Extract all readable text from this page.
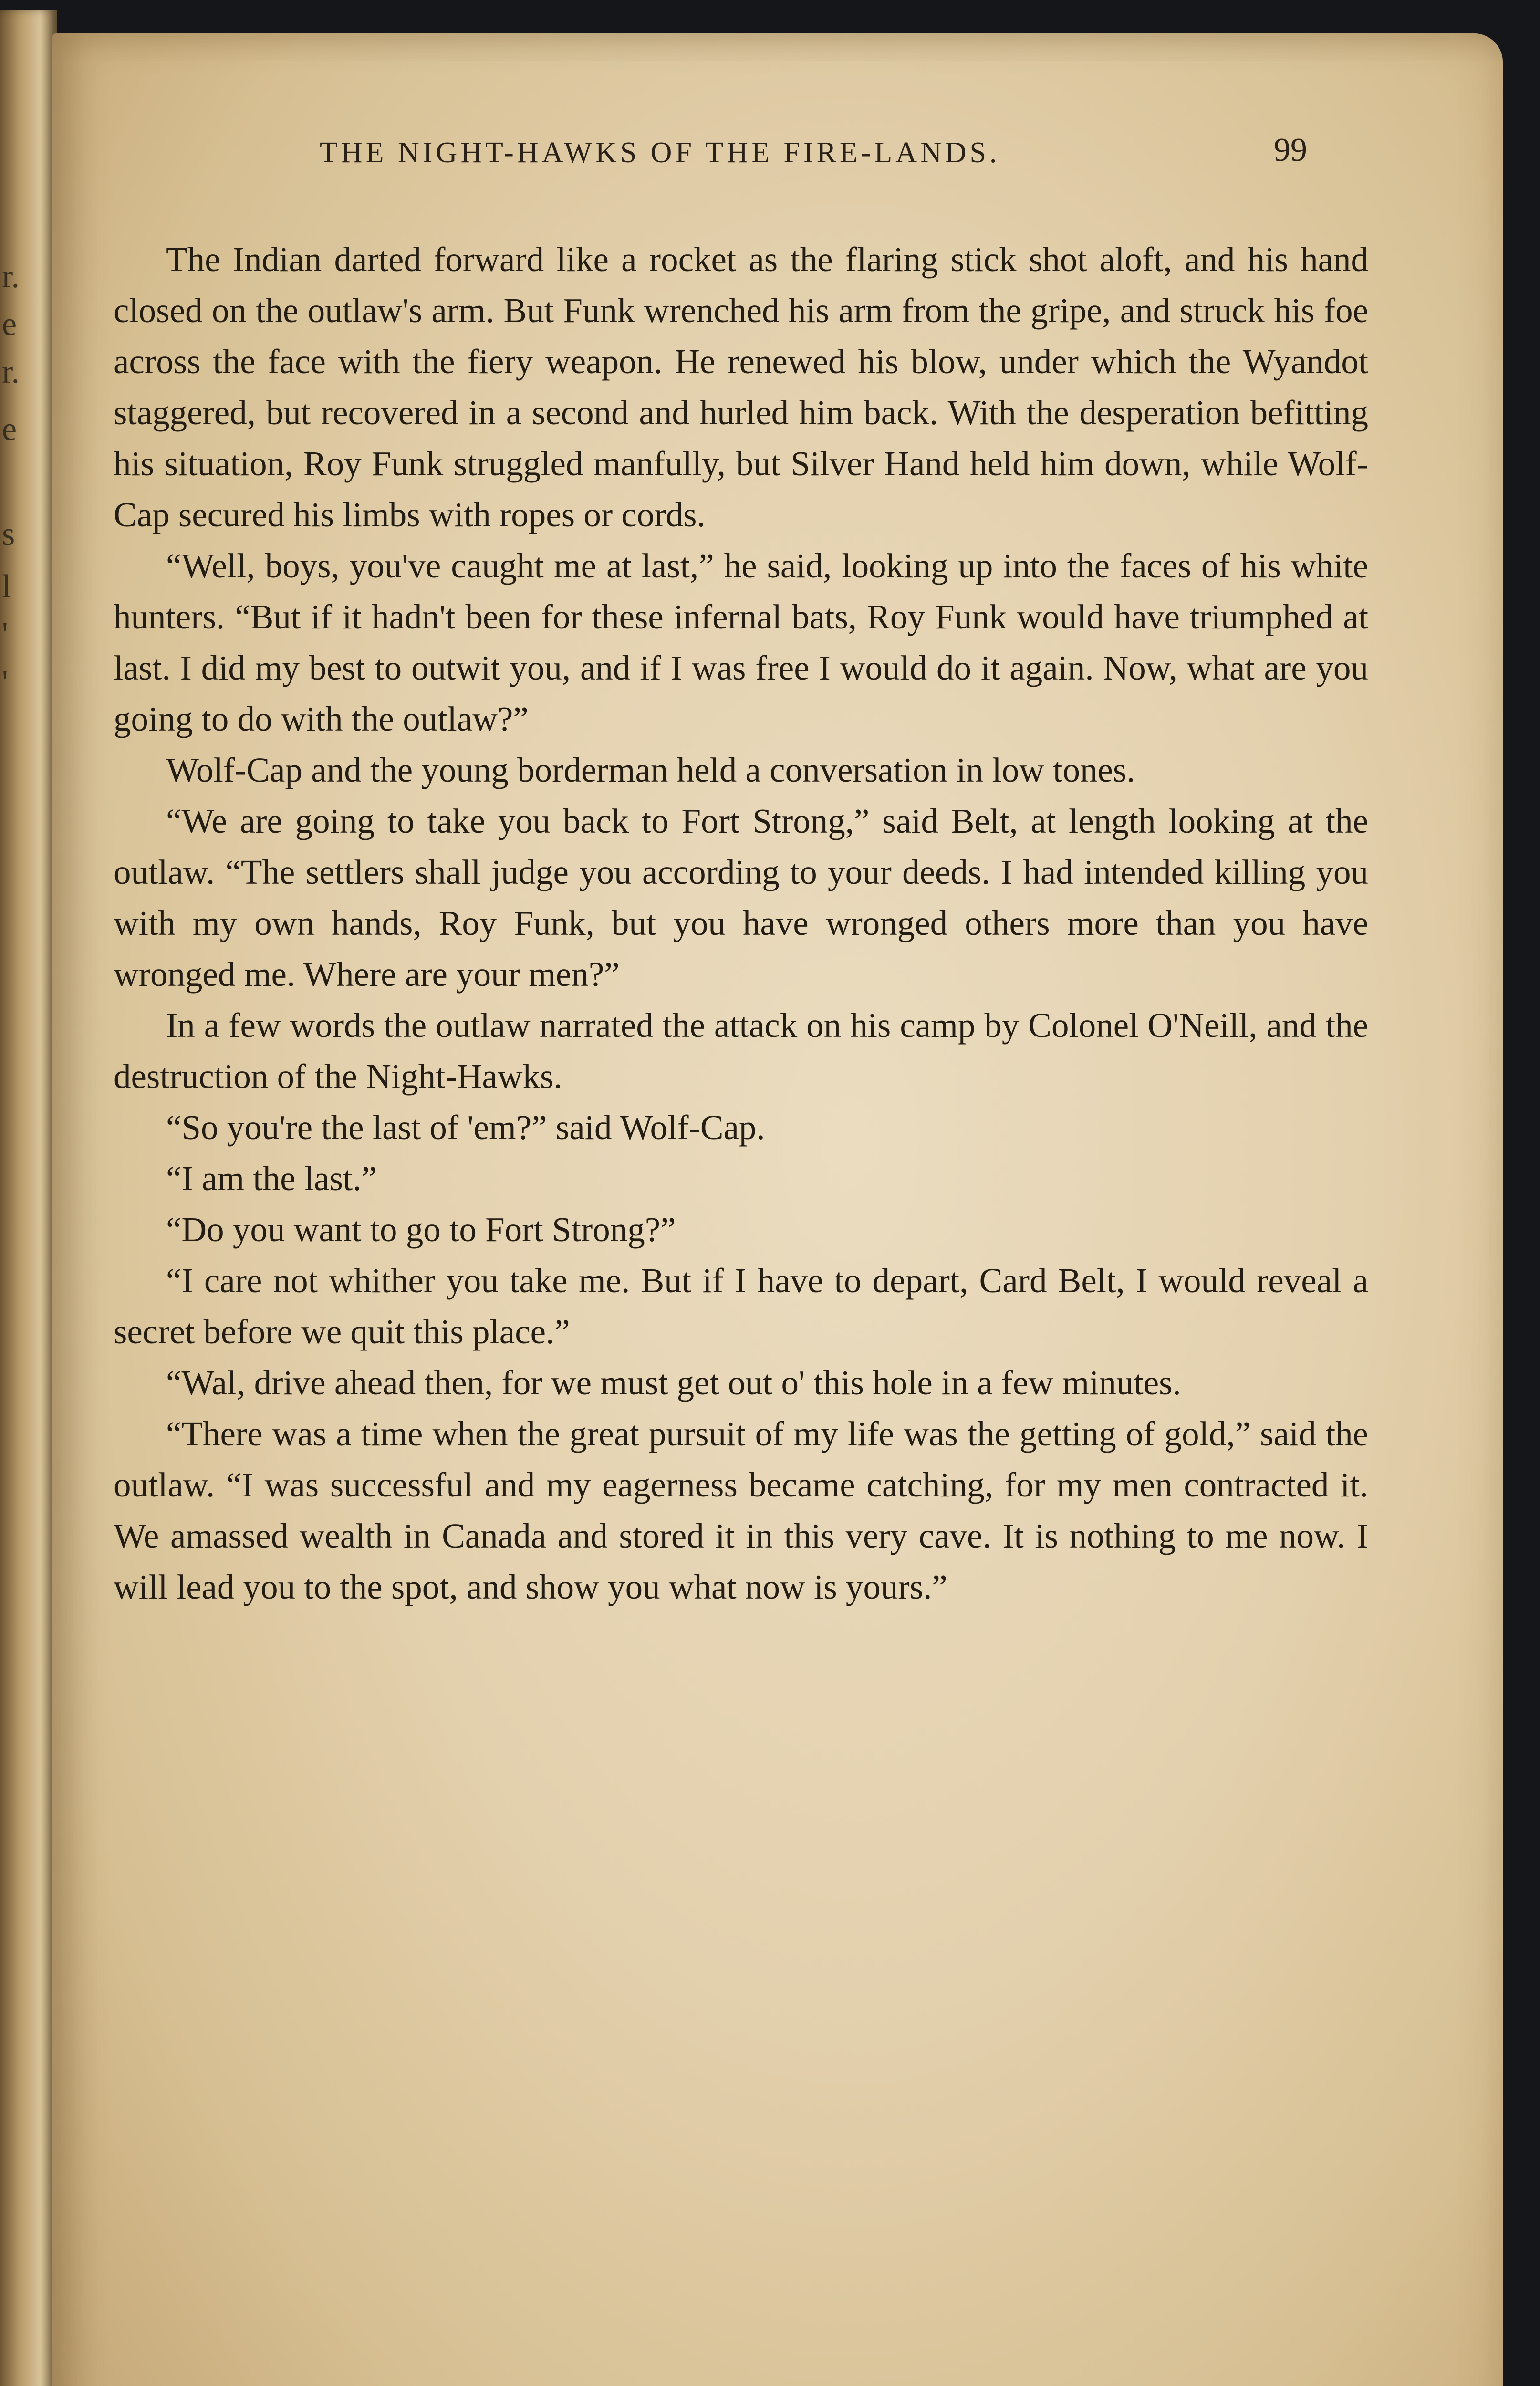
r.
e
r.
e
s
l
'
'
THE NIGHT-HAWKS OF THE FIRE-LANDS.	99

The Indian darted forward like a rocket as the flaring stick shot aloft, and his hand closed on the outlaw's arm. But Funk wrenched his arm from the gripe, and struck his foe across the face with the fiery weapon. He renewed his blow, under which the Wyandot staggered, but recovered in a second and hurled him back. With the desperation befitting his situation, Roy Funk struggled manfully, but Silver Hand held him down, while Wolf-Cap secured his limbs with ropes or cords.

“Well, boys, you've caught me at last,” he said, looking up into the faces of his white hunters. “But if it hadn't been for these infernal bats, Roy Funk would have triumphed at last. I did my best to outwit you, and if I was free I would do it again. Now, what are you going to do with the outlaw?”

Wolf-Cap and the young borderman held a conversation in low tones.

“We are going to take you back to Fort Strong,” said Belt, at length looking at the outlaw. “The settlers shall judge you according to your deeds. I had intended killing you with my own hands, Roy Funk, but you have wronged others more than you have wronged me. Where are your men?”

In a few words the outlaw narrated the attack on his camp by Colonel O'Neill, and the destruction of the Night-Hawks.

“So you're the last of 'em?” said Wolf-Cap.

“I am the last.”

“Do you want to go to Fort Strong?”

“I care not whither you take me. But if I have to depart, Card Belt, I would reveal a secret before we quit this place.”

“Wal, drive ahead then, for we must get out o' this hole in a few minutes.

“There was a time when the great pursuit of my life was the getting of gold,” said the outlaw. “I was successful and my eagerness became catching, for my men contracted it. We amassed wealth in Canada and stored it in this very cave. It is nothing to me now. I will lead you to the spot, and show you what now is yours.”
